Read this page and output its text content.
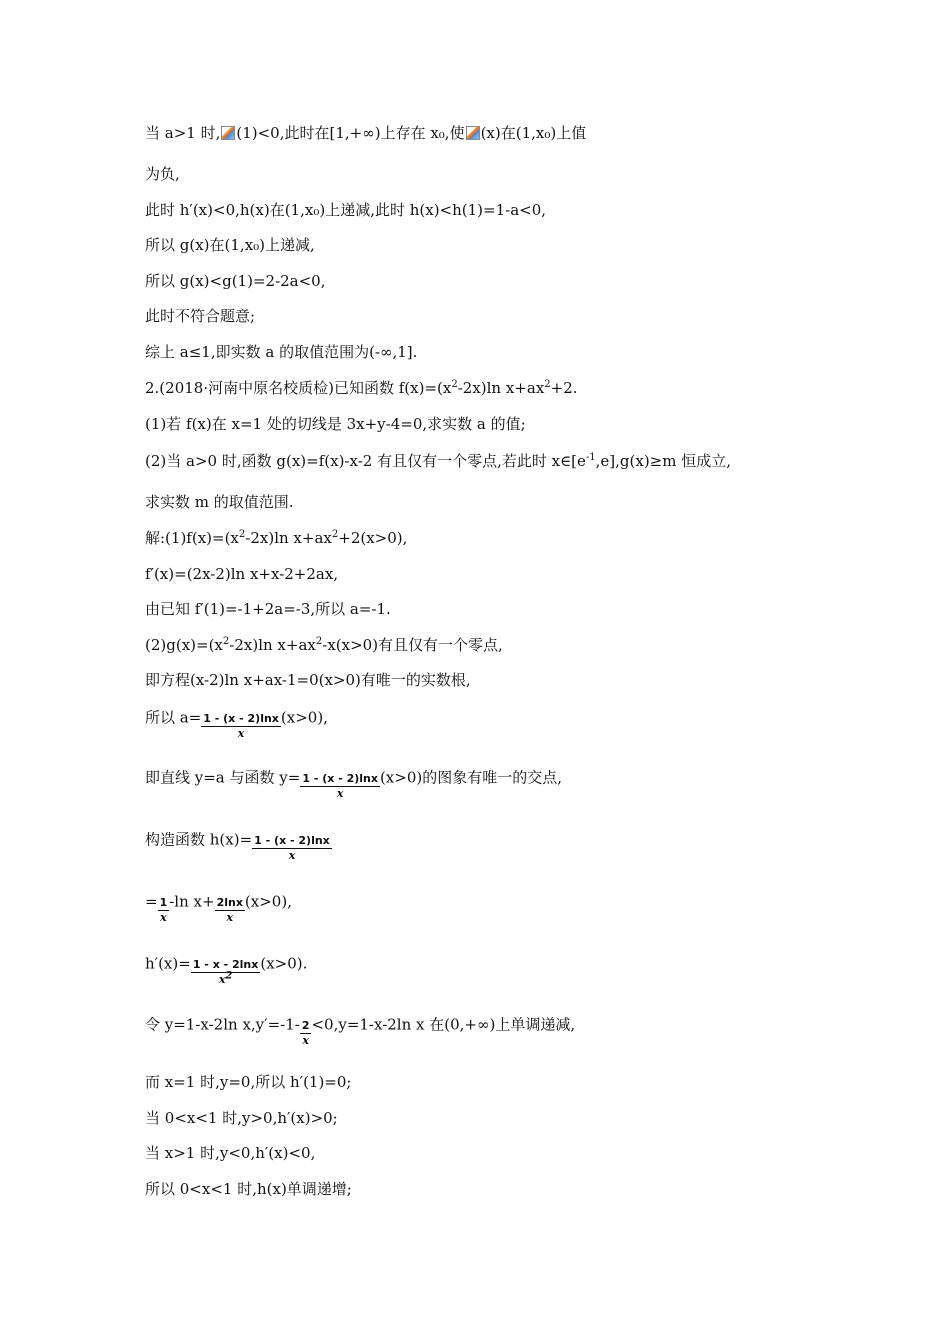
当 a>1 时, (1)<0,此时在[1,+∞)上存在 x₀,使 (x)在(1,x₀)上值
为负,
此时 h′(x)<0,h(x)在(1,x₀)上递减,此时 h(x)<h(1)=1-a<0,
所以 g(x)在(1,x₀)上递减,
所以 g(x)<g(1)=2-2a<0,
此时不符合题意;
综上 a≤1,即实数 a 的取值范围为(-∞,1].
2.(2018·河南中原名校质检)已知函数 $f(x)=(x^2-2x)\ln$ $x+ax^2+2$.
(1)若 f(x)在 x=1 处的切线是 3x+y-4=0,求实数 a 的值;
(2)当 a>0 时,函数 g(x)=f(x)-x-2 有且仅有一个零点,若此时 $x\in[e^{-1},e],g(x)\ge m$ 恒成立,
求实数 m 的取值范围.
解$:(1)f(x)=(x^2-2x)\ln$ $x+ax^2+2(x>0)$,
f′(x)=(2x-2)ln x+x-2+2ax,
由已知 f′(1)=-1+2a=-3,所以 a=-1.
$(2)g(x)=(x^2-2x)\ln$ $x+ax^2-x(x>0)$有且仅有一个零点,
即方程(x-2)ln x+ax-1=0(x>0)有唯一的实数根,
所以 $a= \frac{1 - (x - 2)\ln x}{x} (x>0)$,
即直线 y=a 与函数 $y= \frac{1 - (x - 2)\ln x}{x} (x>0)$的图象有唯一的交点,
构造函数 $h(x)= \frac{1 - (x - 2)\ln x}{x}$
= $\frac{1}{x} -\ln$ $x+ \frac{2\ln x}{x} (x>0)$,
$h'(x)= \frac{1 - x - 2\ln x}{x^2} (x>0)$.
令 y=1-x-2ln $x,y'=-1- \frac{2}{x} <0,y=1-x-2\ln$ x 在(0,+∞)上单调递减,
而 x=1 时,y=0,所以 h′(1)=0;
当 0<x<1 时,y>0,h′(x)>0;
当 x>1 时,y<0,h′(x)<0,
所以 0<x<1 时,h(x)单调递增;
